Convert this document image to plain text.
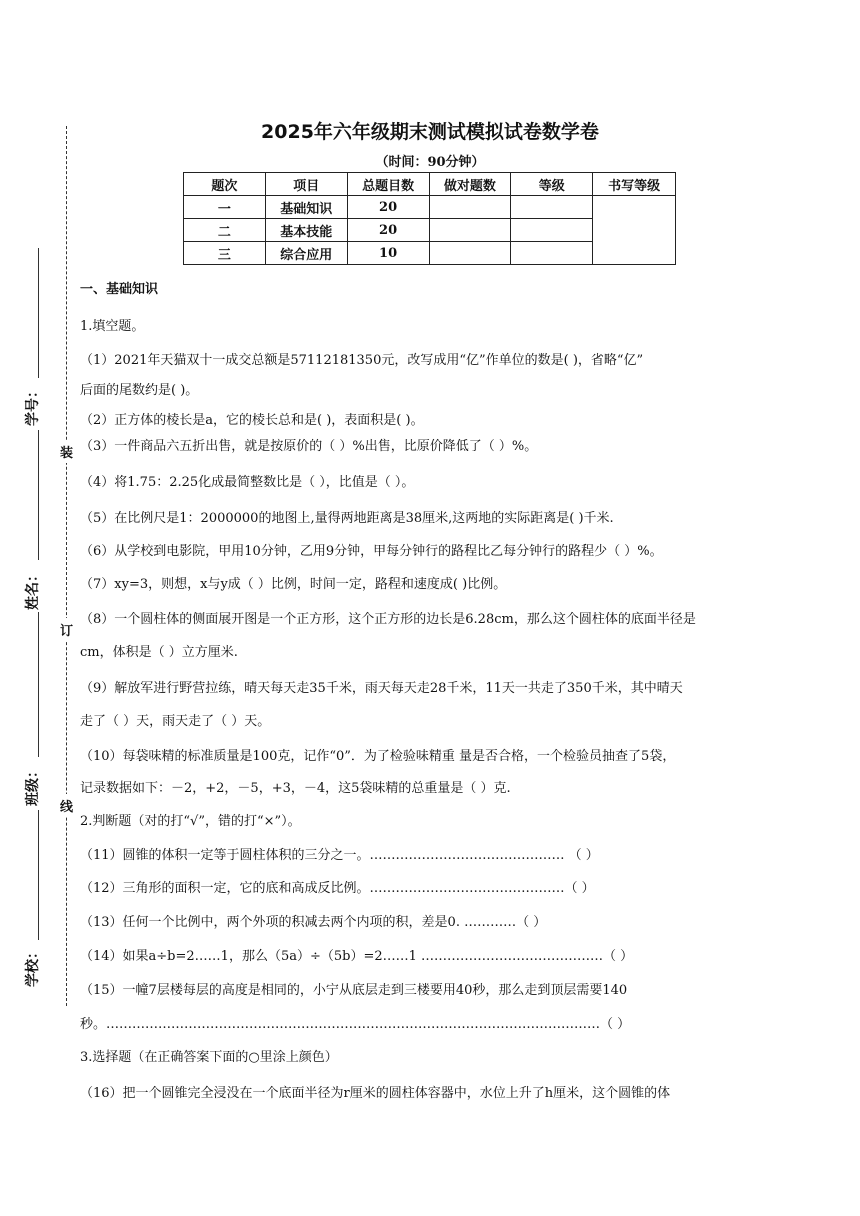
学号：
姓名：
班级：
学校：
装
订
线
2025年六年级期末测试模拟试卷数学卷
（时间：90分钟）
题次	项目	总题目数	做对题数	等级	书写等级
一	基础知识	20			
二	基本技能	20			
三	综合应用	10			
一、基础知识
1.填空题。
（1）2021年天猫双十一成交总额是57112181350元，改写成用“亿”作单位的数是( )，省略“亿”
后面的尾数约是( )。
（2）正方体的棱长是a，它的棱长总和是( )，表面积是( )。
（3）一件商品六五折出售，就是按原价的（ ）%出售，比原价降低了（ ）%。
（4）将1.75：2.25化成最简整数比是（ ），比值是（ ）。
（5）在比例尺是1：2000000的地图上,量得两地距离是38厘米,这两地的实际距离是( )千米.
（6）从学校到电影院，甲用10分钟，乙用9分钟，甲每分钟行的路程比乙每分钟行的路程少（ ）%。
（7）xy=3，则想，x与y成（ ）比例，时间一定，路程和速度成( )比例。
（8）一个圆柱体的侧面展开图是一个正方形，这个正方形的边长是6.28cm，那么这个圆柱体的底面半径是
cm，体积是（ ）立方厘米.
（9）解放军进行野营拉练，晴天每天走35千米，雨天每天走28千米，11天一共走了350千米，其中晴天
走了（ ）天，雨天走了（ ）天。
（10）每袋味精的标准质量是100克，记作“0”．为了检验味精重 量是否合格，一个检验员抽查了5袋，
记录数据如下：－2，+2，－5，+3，－4，这5袋味精的总重量是（ ）克.
2.判断题（对的打“√”，错的打“×”）。
（11）圆锥的体积一定等于圆柱体积的三分之一。……………………………………… （ ）
（12）三角形的面积一定，它的底和高成反比例。………………………………………（ ）
（13）任何一个比例中，两个外项的积减去两个内项的积，差是0. …………（ ）
（14）如果a÷b=2……1，那么（5a）÷（5b）=2……1 ……………………………………（ ）
（15）一幢7层楼每层的高度是相同的，小宁从底层走到三楼要用40秒，那么走到顶层需要140
秒。……………………………………………………………………………………………………（ ）
3.选择题（在正确答案下面的○里涂上颜色）
（16）把一个圆锥完全浸没在一个底面半径为r厘米的圆柱体容器中，水位上升了h厘米，这个圆锥的体
